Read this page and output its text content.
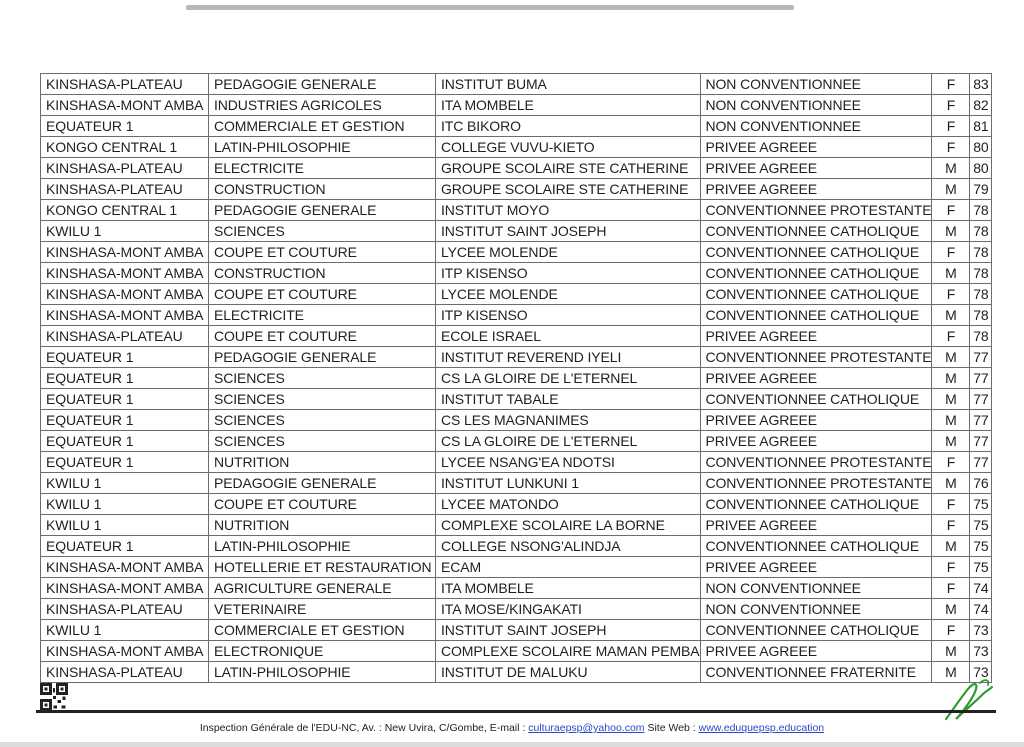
KINSHASA-PLATEAU	PEDAGOGIE GENERALE	INSTITUT BUMA	NON CONVENTIONNEE	F	83
KINSHASA-MONT AMBA	INDUSTRIES AGRICOLES	ITA MOMBELE	NON CONVENTIONNEE	F	82
EQUATEUR 1	COMMERCIALE ET GESTION	ITC BIKORO	NON CONVENTIONNEE	F	81
KONGO CENTRAL 1	LATIN-PHILOSOPHIE	COLLEGE VUVU-KIETO	PRIVEE AGREEE	F	80
KINSHASA-PLATEAU	ELECTRICITE	GROUPE SCOLAIRE STE CATHERINE	PRIVEE AGREEE	M	80
KINSHASA-PLATEAU	CONSTRUCTION	GROUPE SCOLAIRE STE CATHERINE	PRIVEE AGREEE	M	79
KONGO CENTRAL 1	PEDAGOGIE GENERALE	INSTITUT MOYO	CONVENTIONNEE PROTESTANTE	F	78
KWILU 1	SCIENCES	INSTITUT SAINT JOSEPH	CONVENTIONNEE CATHOLIQUE	M	78
KINSHASA-MONT AMBA	COUPE ET COUTURE	LYCEE MOLENDE	CONVENTIONNEE CATHOLIQUE	F	78
KINSHASA-MONT AMBA	CONSTRUCTION	ITP KISENSO	CONVENTIONNEE CATHOLIQUE	M	78
KINSHASA-MONT AMBA	COUPE ET COUTURE	LYCEE MOLENDE	CONVENTIONNEE CATHOLIQUE	F	78
KINSHASA-MONT AMBA	ELECTRICITE	ITP KISENSO	CONVENTIONNEE CATHOLIQUE	M	78
KINSHASA-PLATEAU	COUPE ET COUTURE	ECOLE ISRAEL	PRIVEE AGREEE	F	78
EQUATEUR 1	PEDAGOGIE GENERALE	INSTITUT REVEREND IYELI	CONVENTIONNEE PROTESTANTE	M	77
EQUATEUR 1	SCIENCES	CS LA GLOIRE DE L'ETERNEL	PRIVEE AGREEE	M	77
EQUATEUR 1	SCIENCES	INSTITUT TABALE	CONVENTIONNEE CATHOLIQUE	M	77
EQUATEUR 1	SCIENCES	CS LES MAGNANIMES	PRIVEE AGREEE	M	77
EQUATEUR 1	SCIENCES	CS LA GLOIRE DE L'ETERNEL	PRIVEE AGREEE	M	77
EQUATEUR 1	NUTRITION	LYCEE NSANG'EA NDOTSI	CONVENTIONNEE PROTESTANTE	F	77
KWILU 1	PEDAGOGIE GENERALE	INSTITUT LUNKUNI 1	CONVENTIONNEE PROTESTANTE	M	76
KWILU 1	COUPE ET COUTURE	LYCEE MATONDO	CONVENTIONNEE CATHOLIQUE	F	75
KWILU 1	NUTRITION	COMPLEXE SCOLAIRE LA BORNE	PRIVEE AGREEE	F	75
EQUATEUR 1	LATIN-PHILOSOPHIE	COLLEGE NSONG'ALINDJA	CONVENTIONNEE CATHOLIQUE	M	75
KINSHASA-MONT AMBA	HOTELLERIE ET RESTAURATION	ECAM	PRIVEE AGREEE	F	75
KINSHASA-MONT AMBA	AGRICULTURE GENERALE	ITA MOMBELE	NON CONVENTIONNEE	F	74
KINSHASA-PLATEAU	VETERINAIRE	ITA MOSE/KINGAKATI	NON CONVENTIONNEE	M	74
KWILU 1	COMMERCIALE ET GESTION	INSTITUT SAINT JOSEPH	CONVENTIONNEE CATHOLIQUE	F	73
KINSHASA-MONT AMBA	ELECTRONIQUE	COMPLEXE SCOLAIRE MAMAN PEMBA	PRIVEE AGREEE	M	73
KINSHASA-PLATEAU	LATIN-PHILOSOPHIE	INSTITUT DE MALUKU	CONVENTIONNEE FRATERNITE	M	73
Inspection Générale de l'EDU-NC, Av. : New Uvira, C/Gombe, E-mail : culturaepsp@yahoo.com Site Web : www.eduquepsp.education
